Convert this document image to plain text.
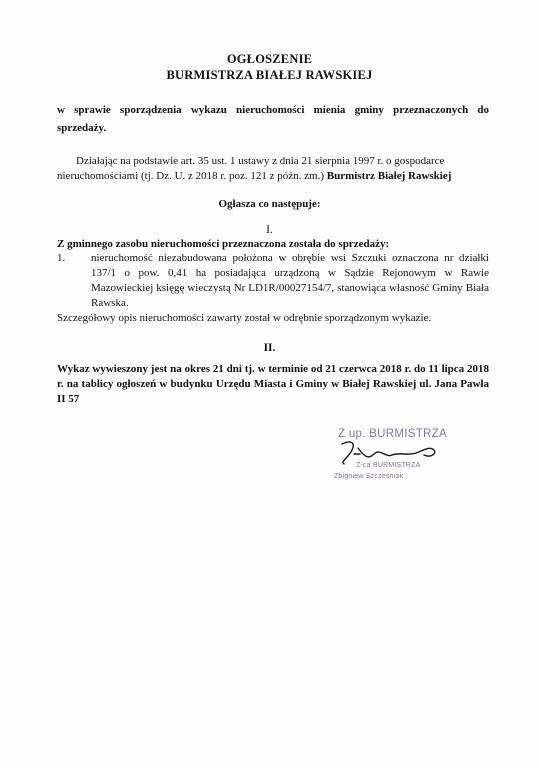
OGŁOSZENIE
BURMISTRZA BIAŁEJ RAWSKIEJ
w sprawie sporządzenia wykazu nieruchomości mienia gminy przeznaczonych do sprzedaży.
Działając na podstawie art. 35 ust. 1 ustawy z dnia 21 sierpnia 1997 r. o gospodarce
nieruchomościami (tj. Dz. U. z 2018 r. poz. 121 z późn. zm.) Burmistrz Białej Rawskiej
Ogłasza co następuje:
I.
Z gminnego zasobu nieruchomości przeznaczona została do sprzedaży:
1. nieruchomość niezabudowana położona w obrębie wsi Szczuki oznaczona nr działki 137/1 o pow. 0,41 ha posiadająca urządzoną w Sądzie Rejonowym w Rawie Mazowieckiej księgę wieczystą Nr LD1R/00027154/7, stanowiąca własność Gminy Biała Rawska.
Szczegółowy opis nieruchomości zawarty został w odrębnie sporządzonym wykazie.
II.
Wykaz wywieszony jest na okres 21 dni tj. w terminie od 21 czerwca 2018 r. do 11 lipca 2018 r. na tablicy ogłoszeń w budynku Urzędu Miasta i Gminy w Białej Rawskiej ul. Jana Pawła II 57
Z up. BURMISTRZA
Z-ca BURMISTRZA
Zbigniew Szcześniak
